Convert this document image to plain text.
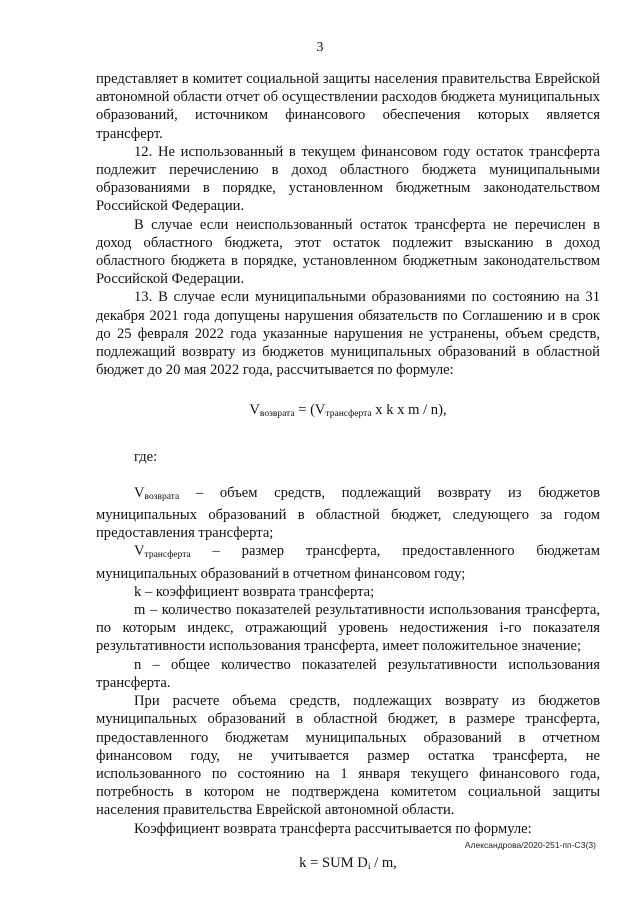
3

представляет в комитет социальной защиты населения правительства Еврейской автономной области отчет об осуществлении расходов бюджета муниципальных образований, источником финансового обеспечения которых является трансферт.

12. Не использованный в текущем финансовом году остаток трансферта подлежит перечислению в доход областного бюджета муниципальными образованиями в порядке, установленном бюджетным законодательством Российской Федерации.

В случае если неиспользованный остаток трансферта не перечислен в доход областного бюджета, этот остаток подлежит взысканию в доход областного бюджета в порядке, установленном бюджетным законодательством Российской Федерации.

13. В случае если муниципальными образованиями по состоянию на 31 декабря 2021 года допущены нарушения обязательств по Соглашению и в срок до 25 февраля 2022 года указанные нарушения не устранены, объем средств, подлежащий возврату из бюджетов муниципальных образований в областной бюджет до 20 мая 2022 года, рассчитывается по формуле:

$V_{возврата} = (V_{трансферта}$ x k x m / n),

где:

$V_{возврата}$ – объем средств, подлежащий возврату из бюджетов муниципальных образований в областной бюджет, следующего за годом предоставления трансферта;

$V_{трансферта}$ – размер трансферта, предоставленного бюджетам муниципальных образований в отчетном финансовом году;

k – коэффициент возврата трансферта;

m – количество показателей результативности использования трансферта, по которым индекс, отражающий уровень недостижения i-го показателя результативности использования трансферта, имеет положительное значение;

n – общее количество показателей результативности использования трансферта.

При расчете объема средств, подлежащих возврату из бюджетов муниципальных образований в областной бюджет, в размере трансферта, предоставленного бюджетам муниципальных образований в отчетном финансовом году, не учитывается размер остатка трансферта, не использованного по состоянию на 1 января текущего финансового года, потребность в котором не подтверждена комитетом социальной защиты населения правительства Еврейской автономной области.

Коэффициент возврата трансферта рассчитывается по формуле:

k = SUM $D_i$ / m,

Александрова/2020-251-пп-СЗ(3)
